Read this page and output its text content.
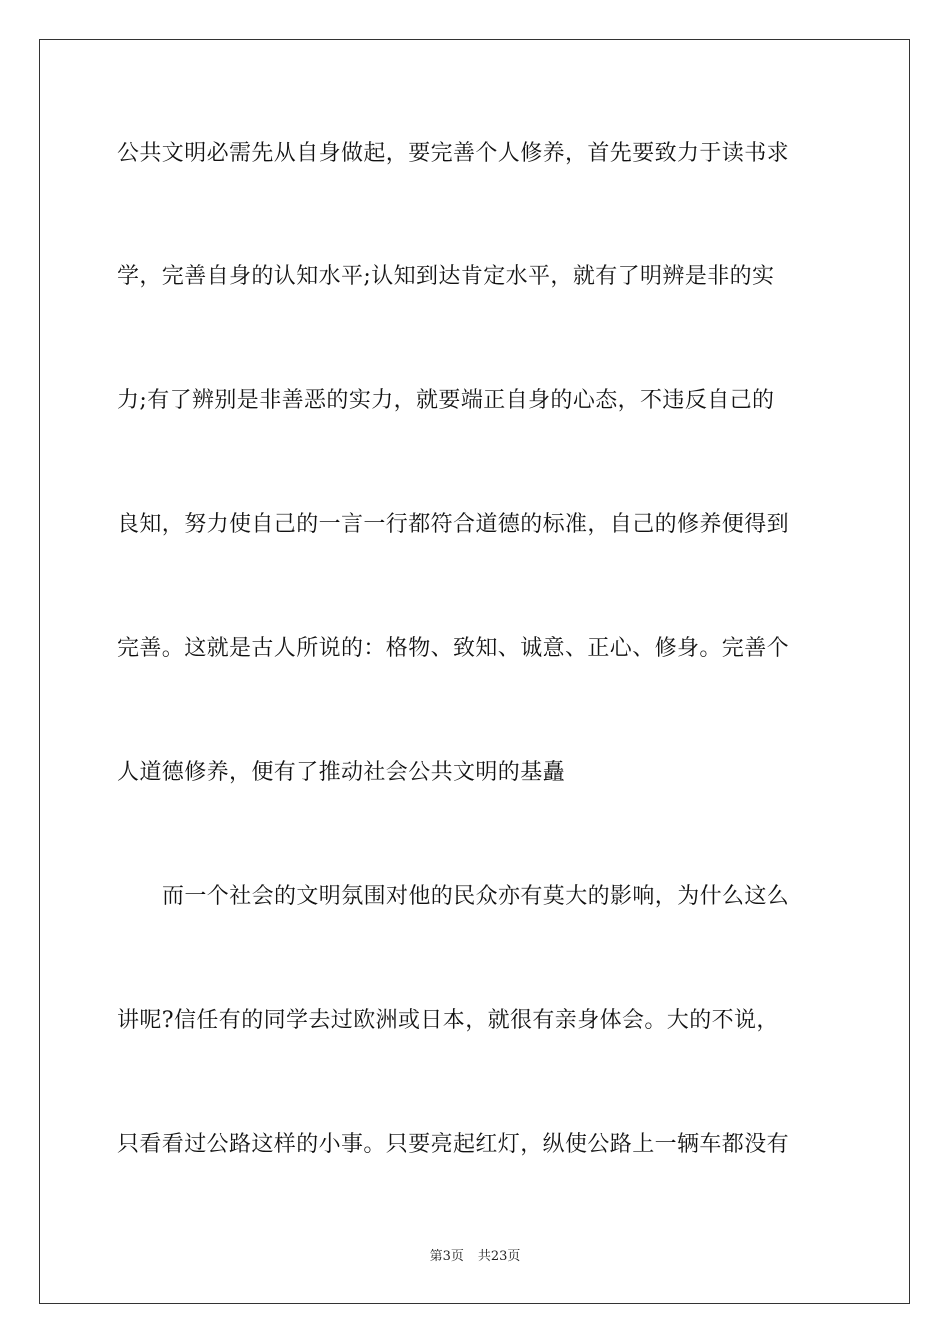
公共文明必需先从自身做起，要完善个人修养，首先要致力于读书求
学，完善自身的认知水平;认知到达肯定水平，就有了明辨是非的实
力;有了辨别是非善恶的实力，就要端正自身的心态，不违反自己的
良知，努力使自己的一言一行都符合道德的标准，自己的修养便得到
完善。这就是古人所说的：格物、致知、诚意、正心、修身。完善个
人道德修养，便有了推动社会公共文明的基矗
而一个社会的文明氛围对他的民众亦有莫大的影响，为什么这么
讲呢?信任有的同学去过欧洲或日本，就很有亲身体会。大的不说，
只看看过公路这样的小事。只要亮起红灯，纵使公路上一辆车都没有
第3页 共23页
